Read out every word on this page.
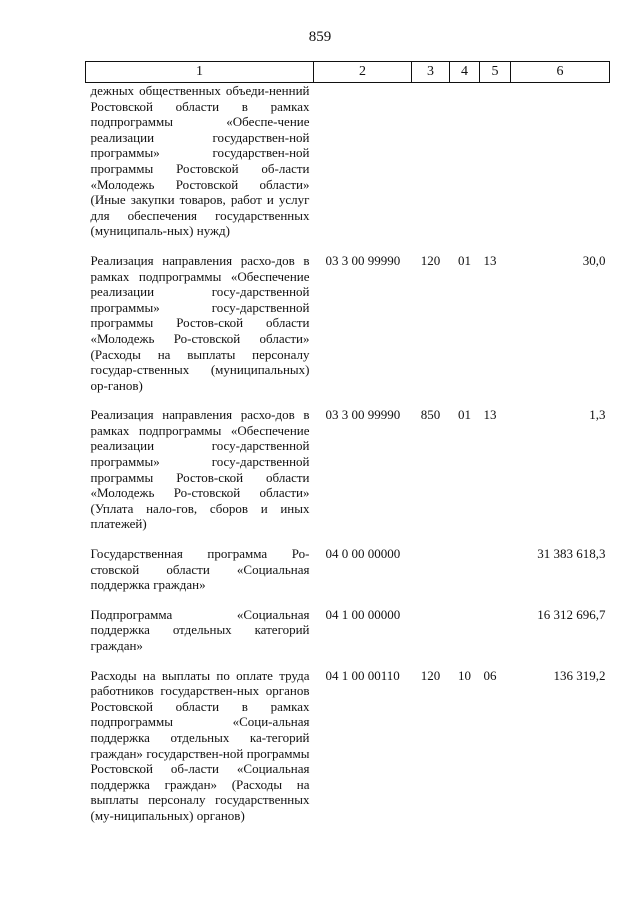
859
1	2	3	4	5	6
дежных общественных объеди-ненний Ростовской области в рамках подпрограммы «Обеспе-чение реализации государствен-ной программы» государствен-ной программы Ростовской об-ласти «Молодежь Ростовской области» (Иные закупки товаров, работ и услуг для обеспечения государственных (муниципаль-ных) нужд)					
Реализация направления расхо-дов в рамках подпрограммы «Обеспечение реализации госу-дарственной программы» госу-дарственной программы Ростов-ской области «Молодежь Ро-стовской области» (Расходы на выплаты персоналу государ-ственных (муниципальных) ор-ганов)	03 3 00 99990	120	01	13	30,0
Реализация направления расхо-дов в рамках подпрограммы «Обеспечение реализации госу-дарственной программы» госу-дарственной программы Ростов-ской области «Молодежь Ро-стовской области» (Уплата нало-гов, сборов и иных платежей)	03 3 00 99990	850	01	13	1,3
Государственная программа Ро-стовской области «Социальная поддержка граждан»	04 0 00 00000				31 383 618,3
Подпрограмма «Социальная поддержка отдельных категорий граждан»	04 1 00 00000				16 312 696,7
Расходы на выплаты по оплате труда работников государствен-ных органов Ростовской области в рамках подпрограммы «Соци-альная поддержка отдельных ка-тегорий граждан» государствен-ной программы Ростовской об-ласти «Социальная поддержка граждан» (Расходы на выплаты персоналу государственных (му-ниципальных) органов)	04 1 00 00110	120	10	06	136 319,2
